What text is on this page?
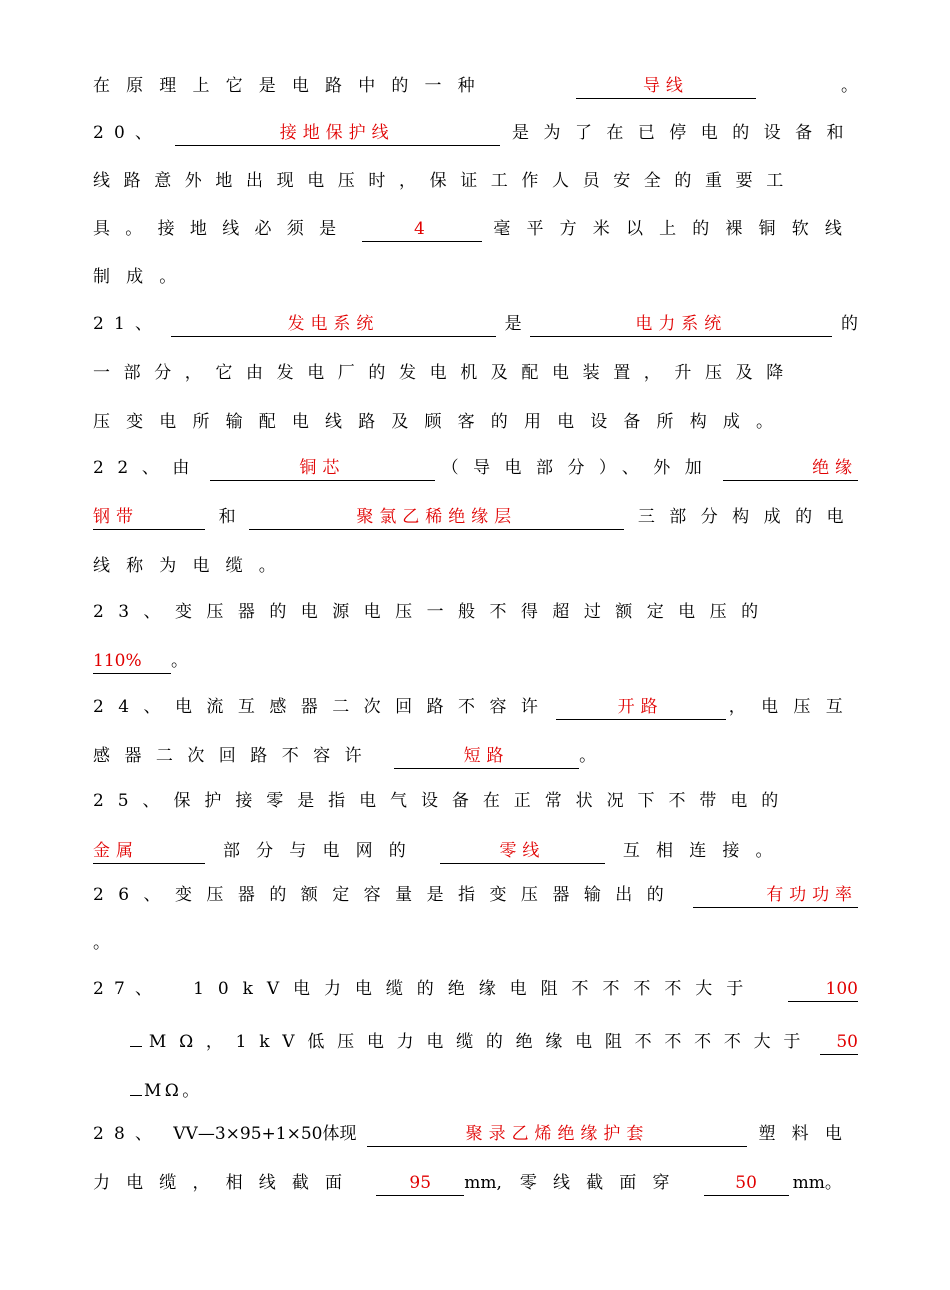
在原理上它是电路中的一种	导线	。
20、	接地保护线	是为了在已停电的设备和
线路意外地出现电压时，保证工作人员安全的重要工
具。接地线必须是	4	毫平方米以上的裸铜软线
制成。
21、	发电系统	是	电力系统	的
一部分，它由发电厂的发电机及配电装置，升压及降
压变电所输配电线路及顾客的用电设备所构成。
22、由	铜芯	（导电部分）、外加	绝缘
钢带	和	聚氯乙稀绝缘层	三部分构成的电
线称为电缆。
23、变压器的电源电压一般不得超过额定电压的
110%	。
24、电流互感器二次回路不容许	开路	，电压互
感器二次回路不容许	短路	。
25、保护接零是指电气设备在正常状况下不带电的
金属	部分与电网的	零线	互相连接。
26、变压器的额定容量是指变压器输出的	有功功率
。
27、 10kV电力电缆的绝缘电阻不不不不大于	100
MΩ，1kV低压电力电缆的绝缘电阻不不不不大于	50
MΩ。
28、 VV—3×95+1×50体现	聚录乙烯绝缘护套	塑料电
力电缆，相线截面	95	mm, 零线截面穿	50	mm。
